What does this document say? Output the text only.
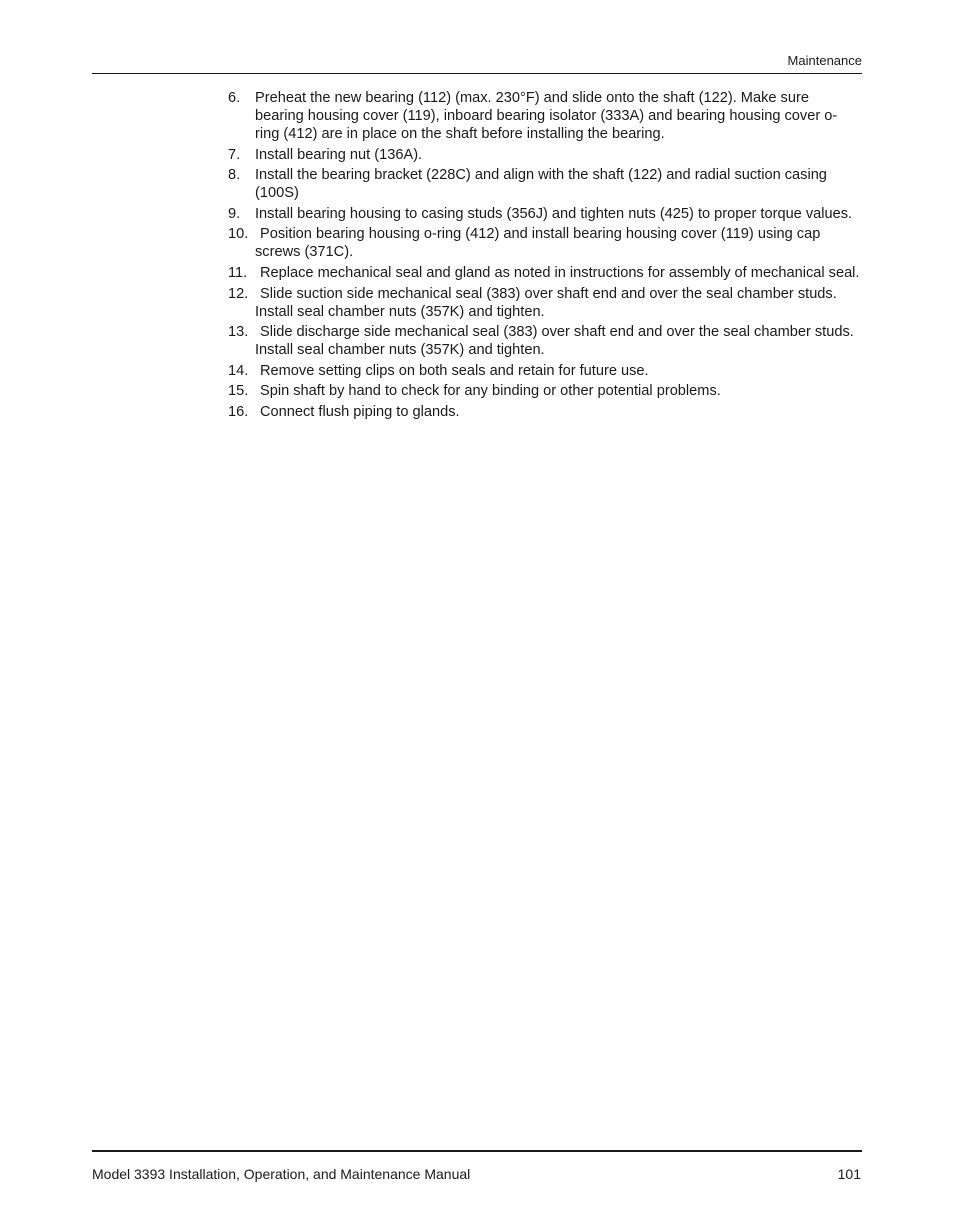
Maintenance
6. Preheat the new bearing (112) (max. 230°F) and slide onto the shaft (122). Make sure bearing housing cover (119), inboard bearing isolator (333A) and bearing housing cover o-ring (412) are in place on the shaft before installing the bearing.
7. Install bearing nut (136A).
8. Install the bearing bracket (228C) and align with the shaft (122) and radial suction casing (100S)
9. Install bearing housing to casing studs (356J) and tighten nuts (425) to proper torque values.
10. Position bearing housing o-ring (412) and install bearing housing cover (119) using cap screws (371C).
11. Replace mechanical seal and gland as noted in instructions for assembly of mechanical seal.
12. Slide suction side mechanical seal (383) over shaft end and over the seal chamber studs. Install seal chamber nuts (357K) and tighten.
13. Slide discharge side mechanical seal (383) over shaft end and over the seal chamber studs. Install seal chamber nuts (357K) and tighten.
14. Remove setting clips on both seals and retain for future use.
15. Spin shaft by hand to check for any binding or other potential problems.
16. Connect flush piping to glands.
Model 3393 Installation, Operation, and Maintenance Manual	101
